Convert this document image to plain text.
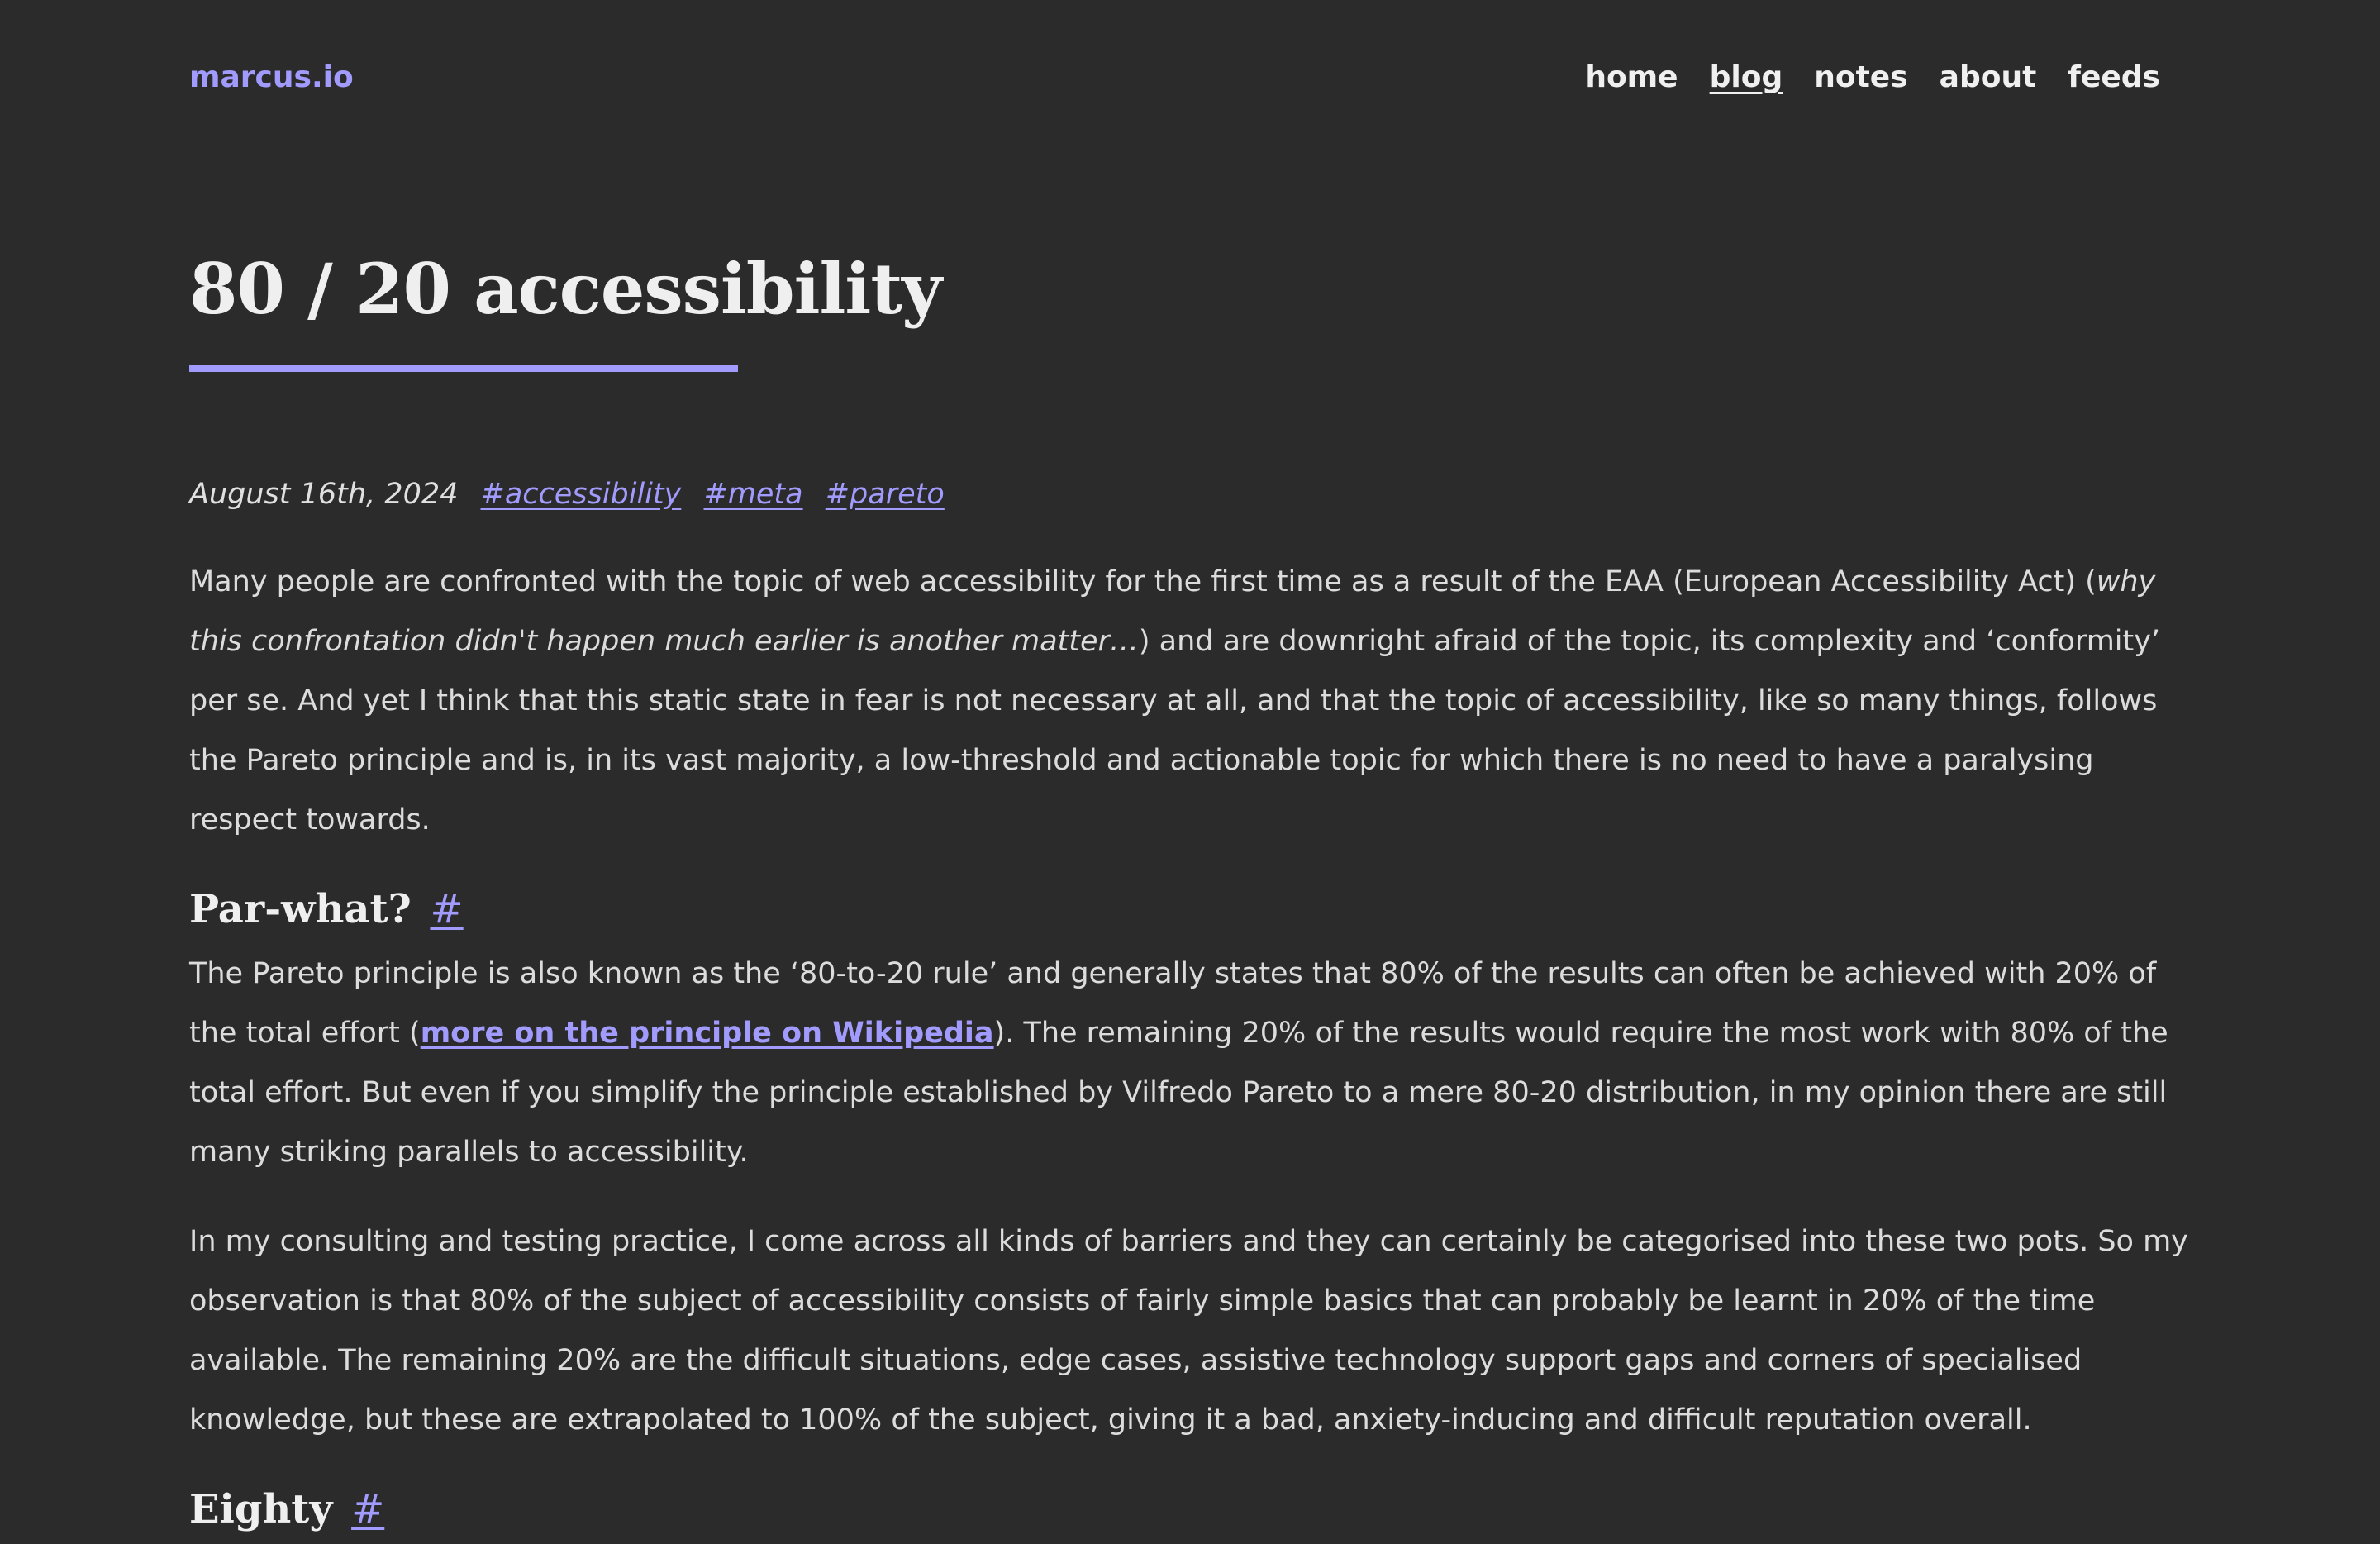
marcus.io	home blog notes about feeds
80 / 20 accessibility
August 16th, 2024 #accessibility #meta #pareto

Many people are confronted with the topic of web accessibility for the first time as a result of the EAA (European Accessibility Act) (why this confrontation didn't happen much earlier is another matter…) and are downright afraid of the topic, its complexity and ‘conformity’ per se. And yet I think that this static state in fear is not necessary at all, and that the topic of accessibility, like so many things, follows the Pareto principle and is, in its vast majority, a low-threshold and actionable topic for which there is no need to have a paralysing respect towards.

Par-what? #

The Pareto principle is also known as the ‘80-to-20 rule’ and generally states that 80% of the results can often be achieved with 20% of the total effort (more on the principle on Wikipedia). The remaining 20% of the results would require the most work with 80% of the total effort. But even if you simplify the principle established by Vilfredo Pareto to a mere 80-20 distribution, in my opinion there are still many striking parallels to accessibility.

In my consulting and testing practice, I come across all kinds of barriers and they can certainly be categorised into these two pots. So my observation is that 80% of the subject of accessibility consists of fairly simple basics that can probably be learnt in 20% of the time available. The remaining 20% are the difficult situations, edge cases, assistive technology support gaps and corners of specialised knowledge, but these are extrapolated to 100% of the subject, giving it a bad, anxiety-inducing and difficult reputation overall.

Eighty #
